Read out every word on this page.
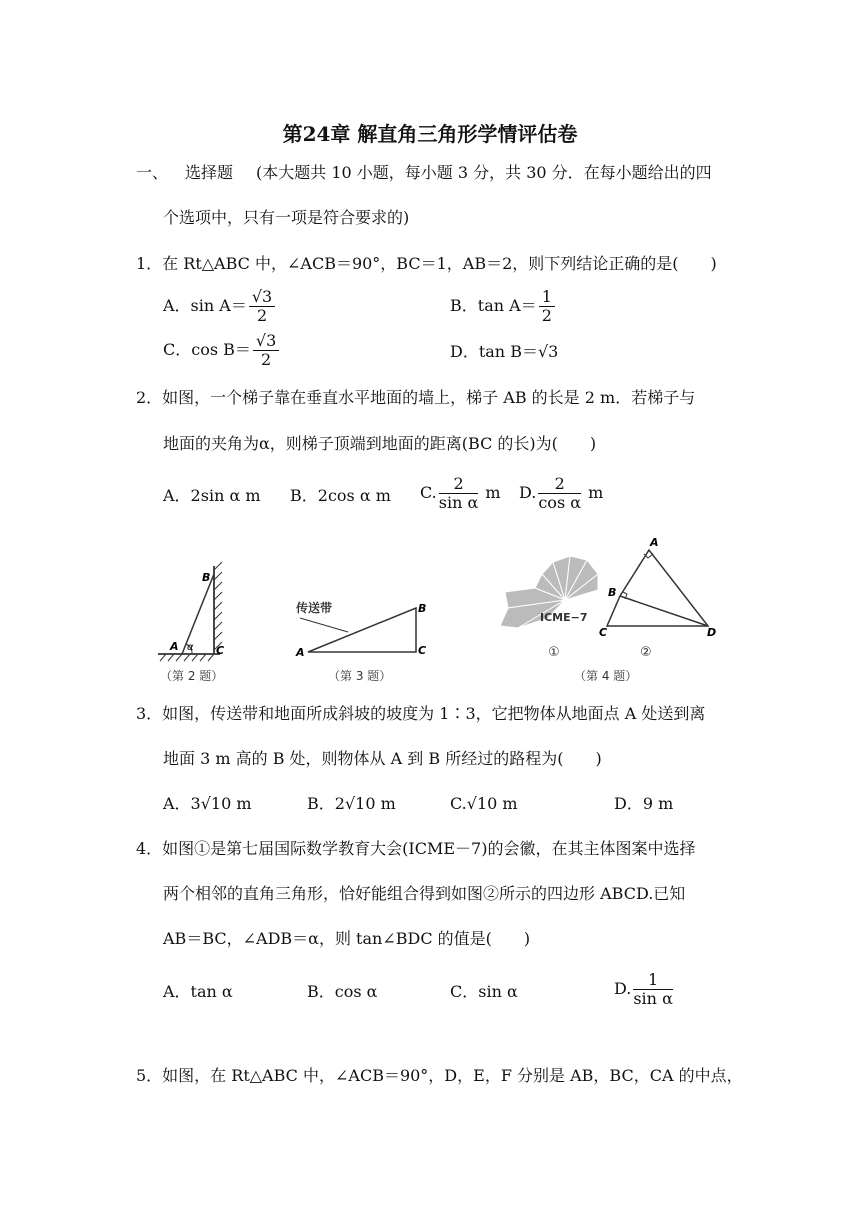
第24章 解直角三角形学情评估卷
一、 选择题 (本大题共 10 小题，每小题 3 分，共 30 分．在每小题给出的四
个选项中，只有一项是符合要求的)
1．在 Rt△ABC 中，∠ACB＝90°，BC＝1，AB＝2，则下列结论正确的是(　　)
A．$\sin A= \frac{√3}{2}$	B．$\tan A= \frac{1}{2}$
C．$\cos B= \frac{√3}{2}$	D．tan B＝√3
2．如图，一个梯子靠在垂直水平地面的墙上，梯子 AB 的长是 2 m．若梯子与
地面的夹角为α，则梯子顶端到地面的距离(BC 的长)为(　　)
A．2sin α m B．2cos α m C. $\frac{2}{\text{sin α}}$ m D. $\frac{2}{\text{cos α}}$ m
B
A α C
（第 2 题）
传送带
A
B
C
（第 3 题）
ICME−7
①	②
A
B
C	D
（第 4 题）
3．如图，传送带和地面所成斜坡的坡度为 1∶3，它把物体从地面点 A 处送到离
地面 3 m 高的 B 处，则物体从 A 到 B 所经过的路程为(　　)
A．3√10 m	B．2√10 m	C.√10 m	D．9 m
4．如图①是第七届国际数学教育大会(ICME－7)的会徽，在其主体图案中选择
两个相邻的直角三角形，恰好能组合得到如图②所示的四边形 ABCD.已知
AB＝BC，∠ADB＝α，则 tan∠BDC 的值是(　　)
A．tan α	B．cos α	C．sin α	D. $\frac{1}{\text{sin α}}$
5．如图，在 Rt△ABC 中，∠ACB＝90°，D，E，F 分别是 AB，BC，CA 的中点，
